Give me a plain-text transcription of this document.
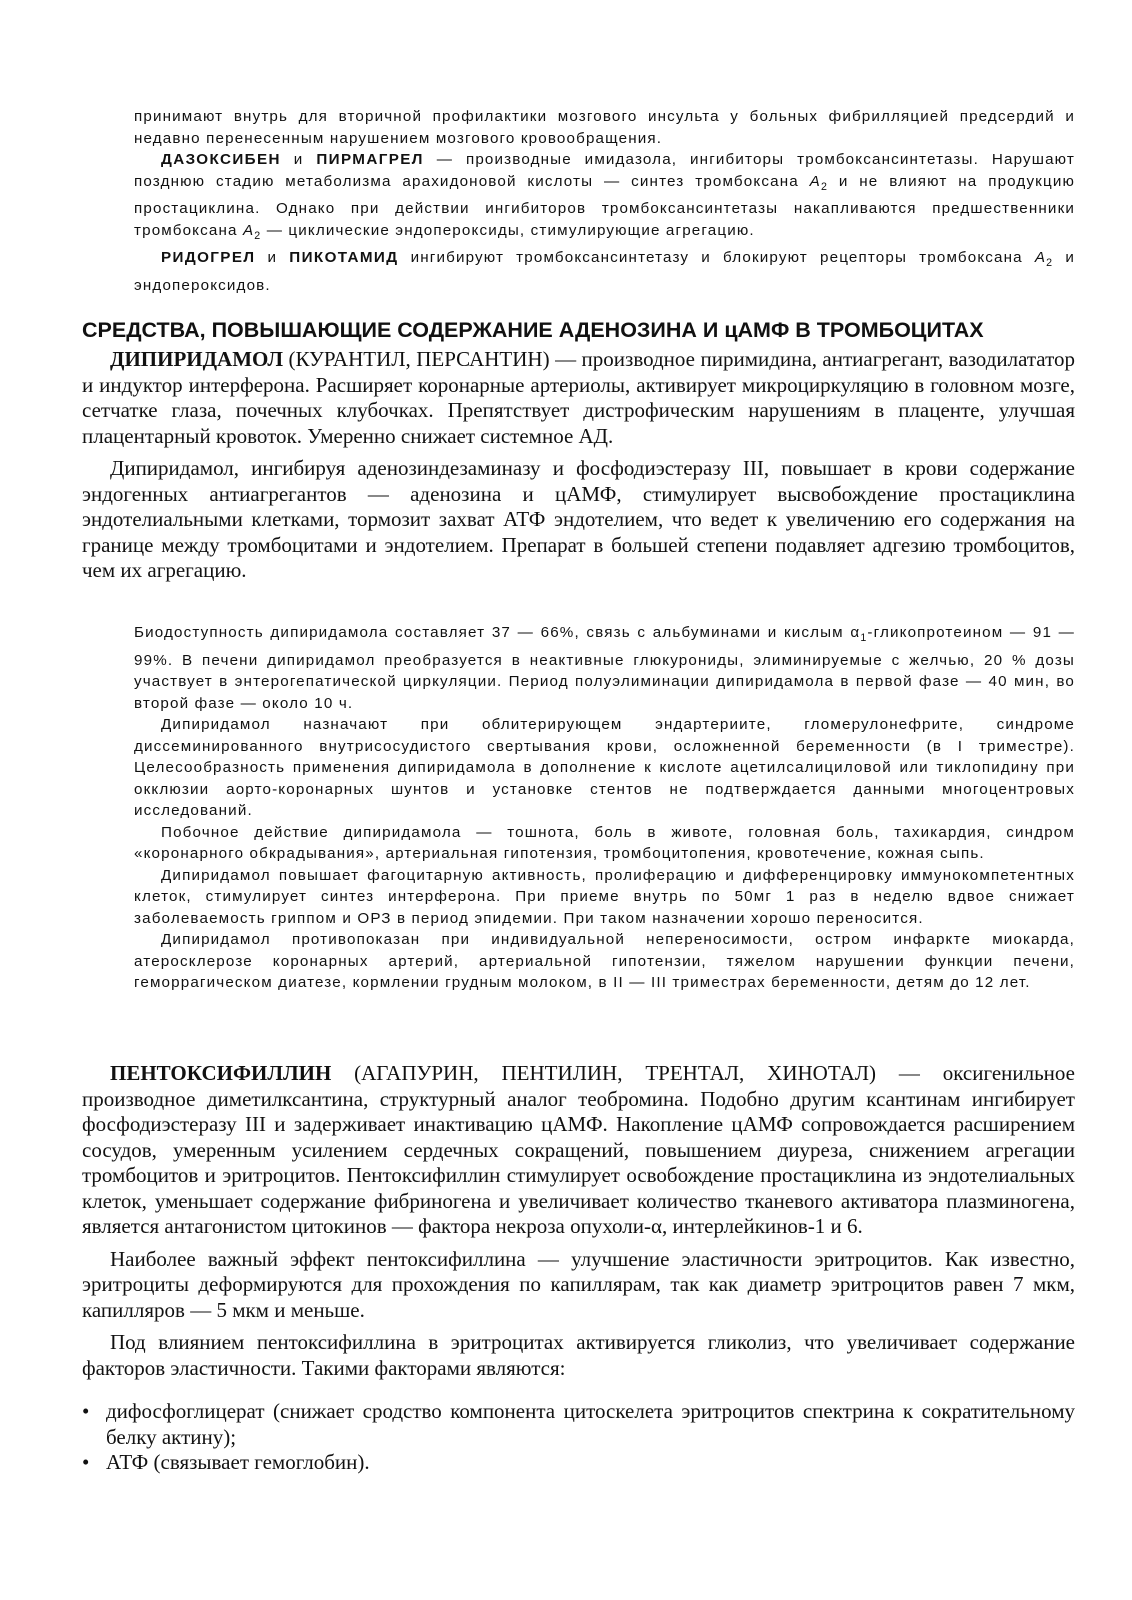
принимают внутрь для вторичной профилактики мозгового инсульта у больных фибрилляцией предсердий и недавно перенесенным нарушением мозгового кровообращения.

ДАЗОКСИБЕН и ПИРМАГРЕЛ — производные имидазола, ингибиторы тромбоксансинтетазы. Нарушают позднюю стадию метаболизма арахидоновой кислоты — синтез тромбоксана $A_2$ и не влияют на продукцию простациклина. Однако при действии ингибиторов тромбоксансинтетазы накапливаются предшественники тромбоксана $A_2$ — циклические эндопероксиды, стимулирующие агрегацию.

РИДОГРЕЛ и ПИКОТАМИД ингибируют тромбоксансинтетазу и блокируют рецепторы тромбоксана $A_2$ и эндопероксидов.

СРЕДСТВА, ПОВЫШАЮЩИЕ СОДЕРЖАНИЕ АДЕНОЗИНА И цАМФ В ТРОМБОЦИТАХ

ДИПИРИДАМОЛ (КУРАНТИЛ, ПЕРСАНТИН) — производное пиримидина, антиагрегант, вазодилататор и индуктор интерферона. Расширяет коронарные артериолы, активирует микроциркуляцию в головном мозге, сетчатке глаза, почечных клубочках. Препятствует дистрофическим нарушениям в плаценте, улучшая плацентарный кровоток. Умеренно снижает системное АД.

Дипиридамол, ингибируя аденозиндезаминазу и фосфодиэстеразу III, повышает в крови содержание эндогенных антиагрегантов — аденозина и цАМФ, стимулирует высвобождение простациклина эндотелиальными клетками, тормозит захват АТФ эндотелием, что ведет к увеличению его содержания на границе между тромбоцитами и эндотелием. Препарат в большей степени подавляет адгезию тромбоцитов, чем их агрегацию.

Биодоступность дипиридамола составляет 37 — 66%, связь с альбуминами и кислым $\alpha_1$-гликопротеином — 91 — 99%. В печени дипиридамол преобразуется в неактивные глюкурониды, элиминируемые с желчью, 20 % дозы участвует в энтерогепатической циркуляции. Период полуэлиминации дипиридамола в первой фазе — 40 мин, во второй фазе — около 10 ч.

Дипиридамол назначают при облитерирующем эндартериите, гломерулонефрите, синдроме диссеминированного внутрисосудистого свертывания крови, осложненной беременности (в I триместре). Целесообразность применения дипиридамола в дополнение к кислоте ацетилсалициловой или тиклопидину при окклюзии аорто-коронарных шунтов и установке стентов не подтверждается данными многоцентровых исследований.

Побочное действие дипиридамола — тошнота, боль в животе, головная боль, тахикардия, синдром «коронарного обкрадывания», артериальная гипотензия, тромбоцитопения, кровотечение, кожная сыпь.

Дипиридамол повышает фагоцитарную активность, пролиферацию и дифференцировку иммунокомпетентных клеток, стимулирует синтез интерферона. При приеме внутрь по 50мг 1 раз в неделю вдвое снижает заболеваемость гриппом и ОРЗ в период эпидемии. При таком назначении хорошо переносится.

Дипиридамол противопоказан при индивидуальной непереносимости, остром инфаркте миокарда, атеросклерозе коронарных артерий, артериальной гипотензии, тяжелом нарушении функции печени, геморрагическом диатезе, кормлении грудным молоком, в II — III триместрах беременности, детям до 12 лет.

ПЕНТОКСИФИЛЛИН (АГАПУРИН, ПЕНТИЛИН, ТРЕНТАЛ, ХИНОТАЛ) — оксигенильное производное диметилксантина, структурный аналог теобромина. Подобно другим ксантинам ингибирует фосфодиэстеразу III и задерживает инактивацию цАМФ. Накопление цАМФ сопровождается расширением сосудов, умеренным усилением сердечных сокращений, повышением диуреза, снижением агрегации тромбоцитов и эритроцитов. Пентоксифиллин стимулирует освобождение простациклина из эндотелиальных клеток, уменьшает содержание фибриногена и увеличивает количество тканевого активатора плазминогена, является антагонистом цитокинов — фактора некроза опухоли-α, интерлейкинов-1 и 6.

Наиболее важный эффект пентоксифиллина — улучшение эластичности эритроцитов. Как известно, эритроциты деформируются для прохождения по капиллярам, так как диаметр эритроцитов равен 7 мкм, капилляров — 5 мкм и меньше.

Под влиянием пентоксифиллина в эритроцитах активируется гликолиз, что увеличивает содержание факторов эластичности. Такими факторами являются:

• дифосфоглицерат (снижает сродство компонента цитоскелета эритроцитов спектрина к сократительному белку актину);
• АТФ (связывает гемоглобин).
